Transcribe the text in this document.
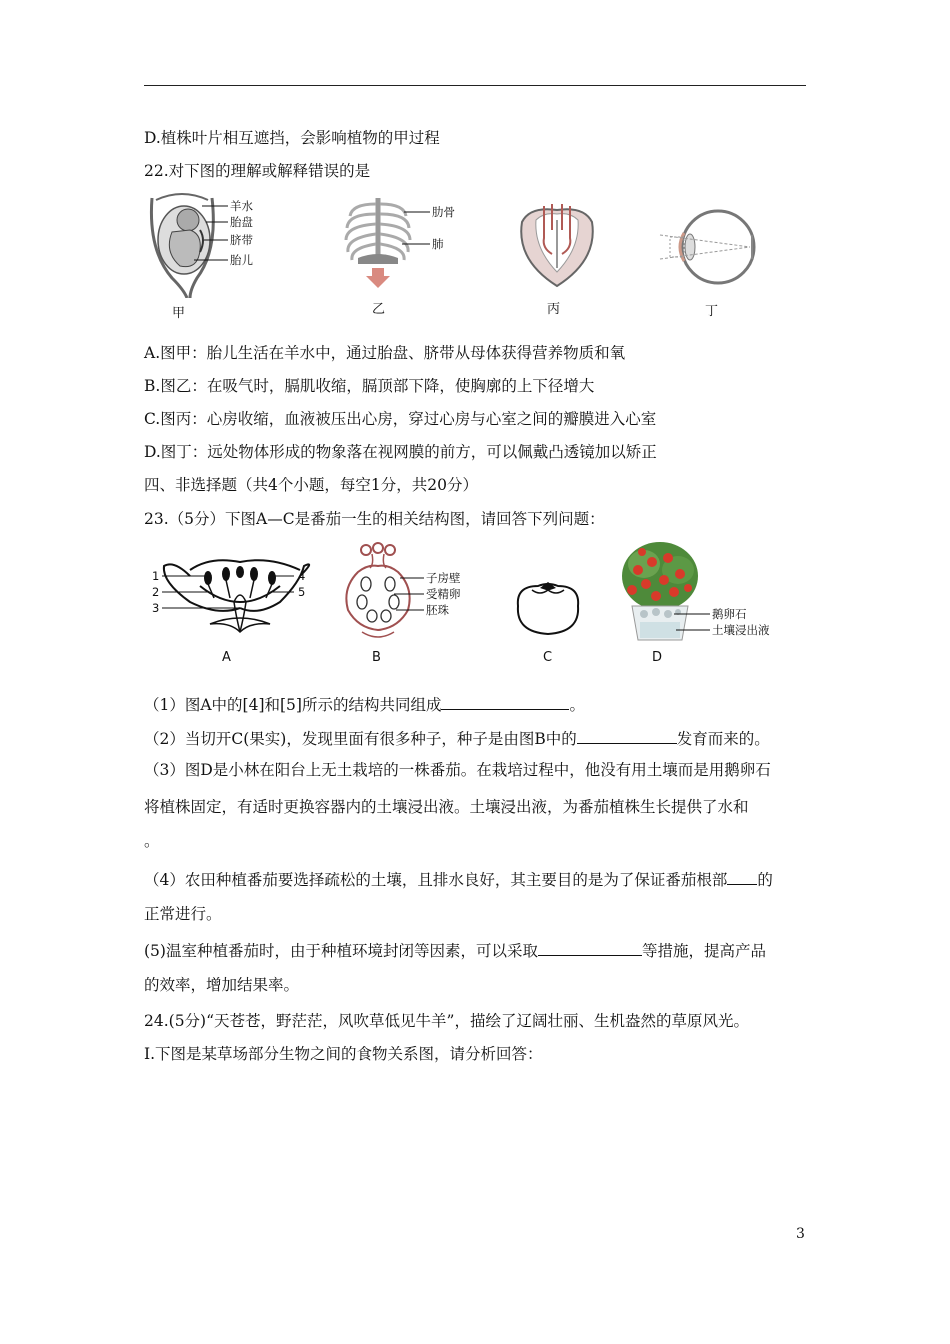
D.植株叶片相互遮挡，会影响植物的甲过程
22.对下图的理解或解释错误的是
羊水
胎盘
脐带
胎儿
甲
肋骨
肺
乙	丙	丁
A.图甲：胎儿生活在羊水中，通过胎盘、脐带从母体获得营养物质和氧
B.图乙：在吸气时，膈肌收缩，膈顶部下降，使胸廓的上下径增大
C.图丙：心房收缩，血液被压出心房，穿过心房与心室之间的瓣膜进入心室
D.图丁：远处物体形成的物象落在视网膜的前方，可以佩戴凸透镜加以矫正
四、非选择题（共4个小题，每空1分，共20分）
23.（5分）下图A—C是番茄一生的相关结构图，请回答下列问题：
1
2
3
4
5
A
子房壁
受精卵
胚珠
B	C
鹅卵石
土壤浸出液
D
（1）图A中的[4]和[5]所示的结构共同组成	。
（2）当切开C(果实)，发现里面有很多种子，种子是由图B中的	发育而来的。
（3）图D是小林在阳台上无土栽培的一株番茄。在栽培过程中，他没有用土壤而是用鹅卵石
将植株固定，有适时更换容器内的土壤浸出液。土壤浸出液，为番茄植株生长提供了水和
。
（4）农田种植番茄要选择疏松的土壤，且排水良好，其主要目的是为了保证番茄根部 的
正常进行。
(5)温室种植番茄时，由于种植环境封闭等因素，可以采取	等措施，提高产品
的效率，增加结果率。
24.(5分)“天苍苍，野茫茫，风吹草低见牛羊”，描绘了辽阔壮丽、生机盎然的草原风光。
Ⅰ.下图是某草场部分生物之间的食物关系图，请分析回答：
3
